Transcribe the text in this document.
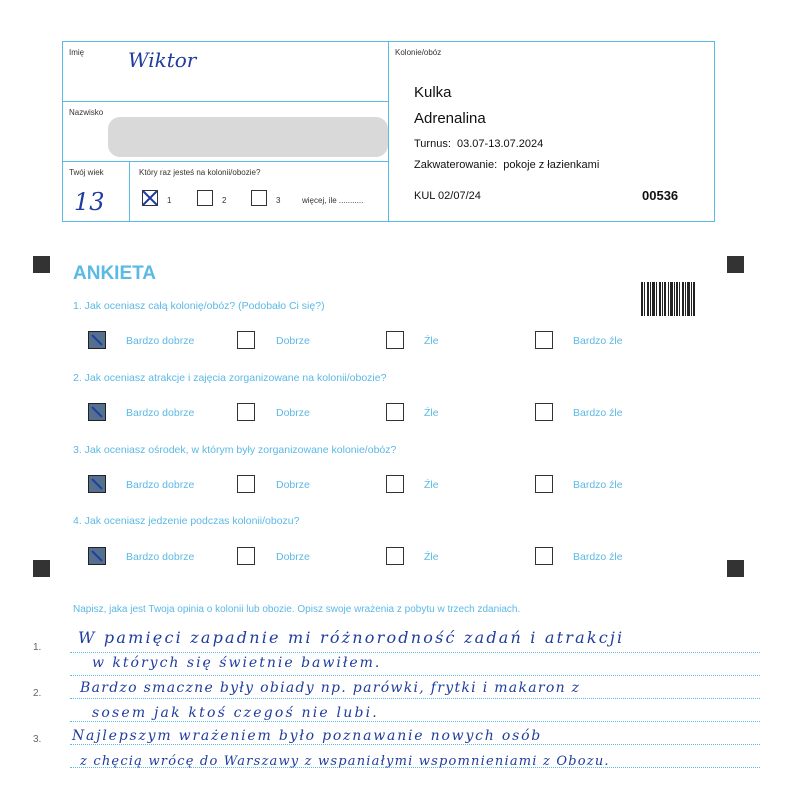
Imię Wiktor
Nazwisko
Twój wiek
13
Który raz jesteś na kolonii/obozie?
1	2	3	więcej, ile ...........
Kolonie/obóz
Kulka
Adrenalina
Turnus: 03.07-13.07.2024
Zakwaterowanie: pokoje z łazienkami
KUL 02/07/24	00536
ANKIETA
1. Jak oceniasz całą kolonię/obóz? (Podobało Ci się?)
Bardzo dobrze	Dobrze	Źle	Bardzo źle
2. Jak oceniasz atrakcje i zajęcia zorganizowane na kolonii/obozie?
Bardzo dobrze	Dobrze	Źle	Bardzo źle
3. Jak oceniasz ośrodek, w którym były zorganizowane kolonie/obóz?
Bardzo dobrze	Dobrze	Źle	Bardzo źle
4. Jak oceniasz jedzenie podczas kolonii/obozu?
Bardzo dobrze	Dobrze	Źle	Bardzo źle
Napisz, jaka jest Twoja opinia o kolonii lub obozie. Opisz swoje wrażenia z pobytu w trzech zdaniach.
1.
2.
3.
W pamięci zapadnie mi różnorodność zadań i atrakcji
w których się świetnie bawiłem.
Bardzo smaczne były obiady np. parówki, frytki i makaron z
sosem jak ktoś czegoś nie lubi.
Najlepszym wrażeniem było poznawanie nowych osób
z chęcią wrócę do Warszawy z wspaniałymi wspomnieniami z Obozu.
